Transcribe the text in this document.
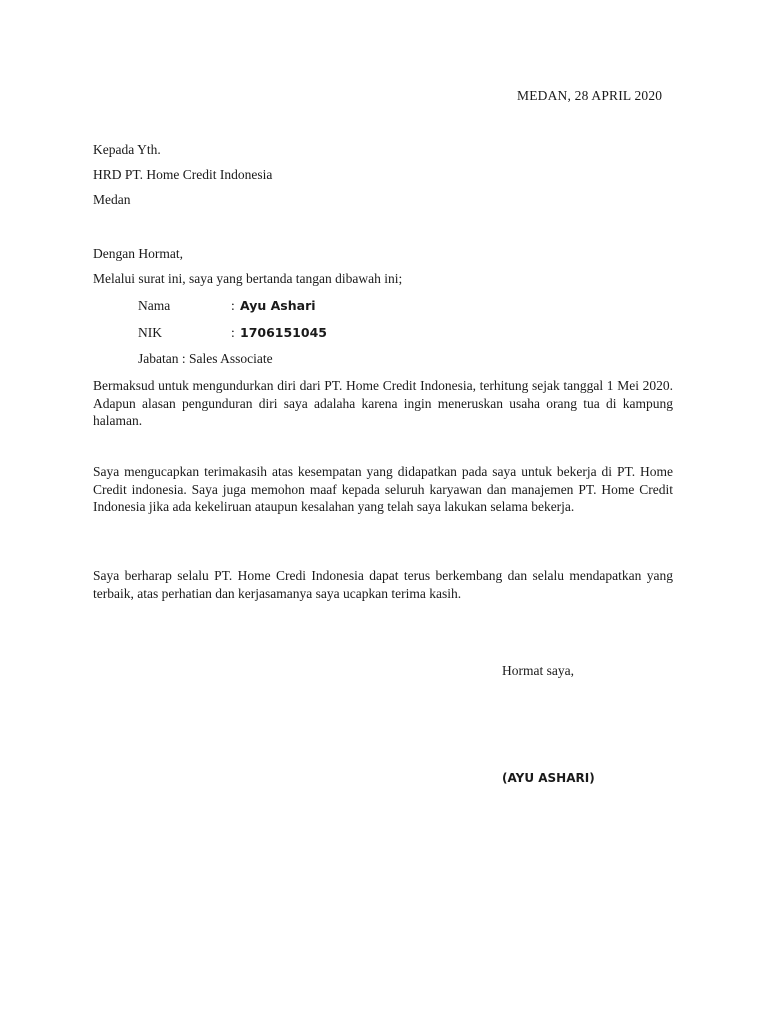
MEDAN, 28 APRIL 2020
Kepada Yth.
HRD PT. Home Credit Indonesia
Medan
Dengan Hormat,
Melalui surat ini, saya yang bertanda tangan dibawah ini;
Nama	: Ayu Ashari
NIK	: 1706151045
Jabatan : Sales Associate
Bermaksud untuk mengundurkan diri dari PT. Home Credit Indonesia, terhitung sejak tanggal 1 Mei 2020. Adapun alasan pengunduran diri saya adalaha karena ingin meneruskan usaha orang tua di kampung halaman.
Saya mengucapkan terimakasih atas kesempatan yang didapatkan pada saya untuk bekerja di PT. Home Credit indonesia. Saya juga memohon maaf kepada seluruh karyawan dan manajemen PT. Home Credit Indonesia jika ada kekeliruan ataupun kesalahan yang telah saya lakukan selama bekerja.
Saya berharap selalu PT. Home Credi Indonesia dapat terus berkembang dan selalu mendapatkan yang terbaik, atas perhatian dan kerjasamanya saya ucapkan terima kasih.
Hormat saya,
(AYU ASHARI)
